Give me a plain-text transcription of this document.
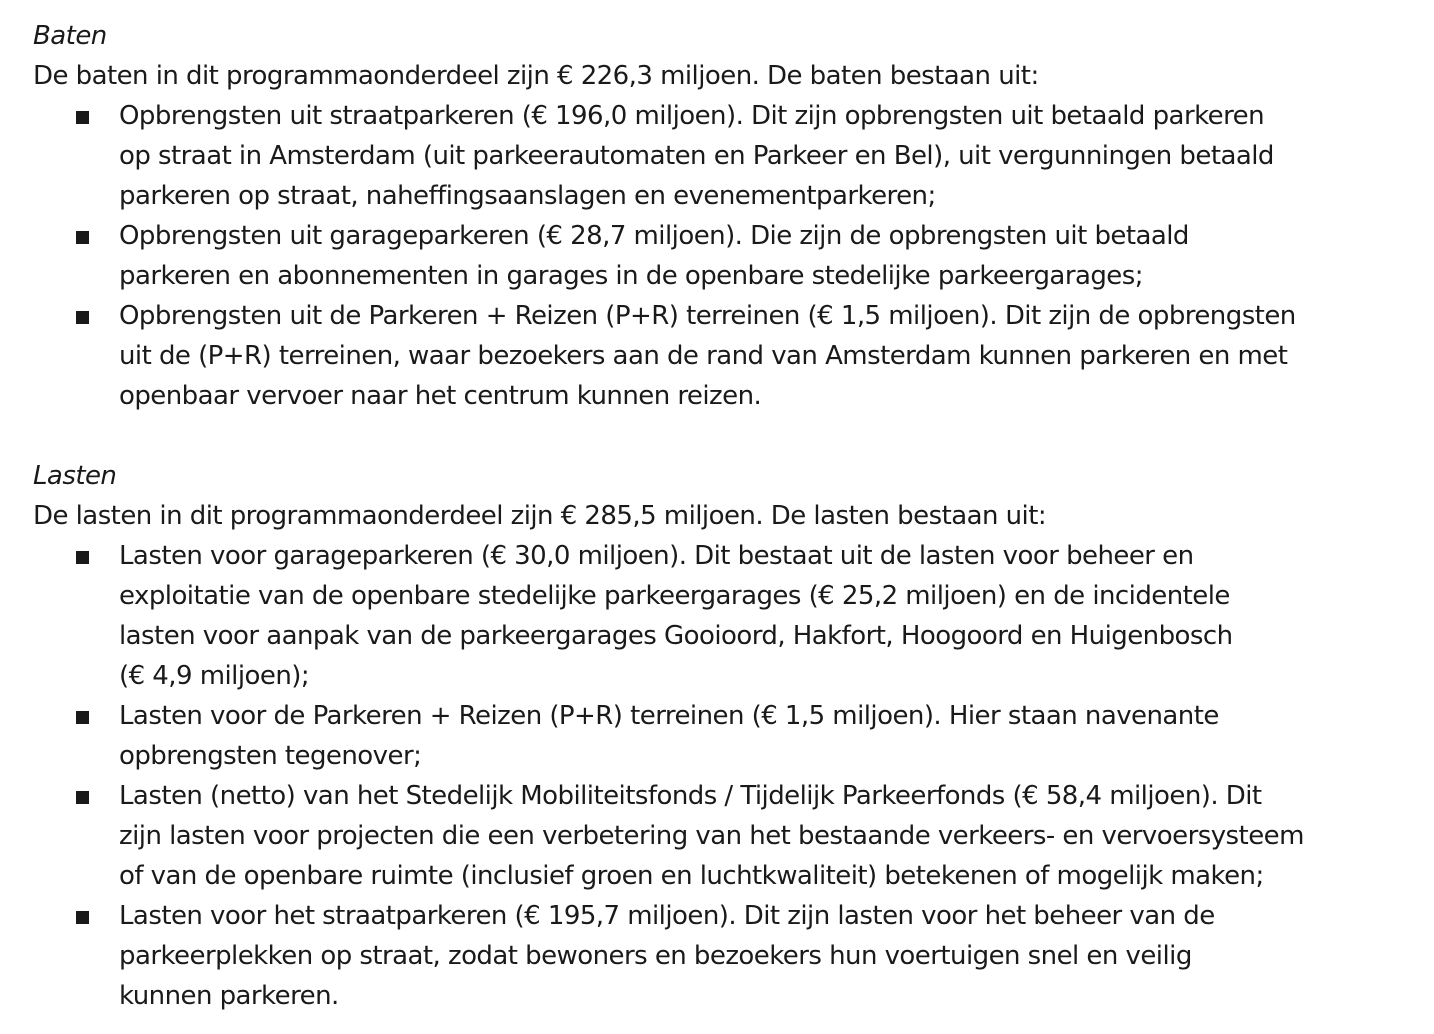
Baten

De baten in dit programmaonderdeel zijn € 226,3 miljoen. De baten bestaan uit:

Opbrengsten uit straatparkeren (€ 196,0 miljoen). Dit zijn opbrengsten uit betaald parkeren
op straat in Amsterdam (uit parkeerautomaten en Parkeer en Bel), uit vergunningen betaald
parkeren op straat, naheffingsaanslagen en evenementparkeren;
Opbrengsten uit garageparkeren (€ 28,7 miljoen). Die zijn de opbrengsten uit betaald
parkeren en abonnementen in garages in de openbare stedelijke parkeergarages;
Opbrengsten uit de Parkeren + Reizen (P+R) terreinen (€ 1,5 miljoen). Dit zijn de opbrengsten
uit de (P+R) terreinen, waar bezoekers aan de rand van Amsterdam kunnen parkeren en met
openbaar vervoer naar het centrum kunnen reizen.

Lasten

De lasten in dit programmaonderdeel zijn € 285,5 miljoen. De lasten bestaan uit:

Lasten voor garageparkeren (€ 30,0 miljoen). Dit bestaat uit de lasten voor beheer en
exploitatie van de openbare stedelijke parkeergarages (€ 25,2 miljoen) en de incidentele
lasten voor aanpak van de parkeergarages Gooioord, Hakfort, Hoogoord en Huigenbosch
(€ 4,9 miljoen);
Lasten voor de Parkeren + Reizen (P+R) terreinen (€ 1,5 miljoen). Hier staan navenante
opbrengsten tegenover;
Lasten (netto) van het Stedelijk Mobiliteitsfonds / Tijdelijk Parkeerfonds (€ 58,4 miljoen). Dit
zijn lasten voor projecten die een verbetering van het bestaande verkeers- en vervoersysteem
of van de openbare ruimte (inclusief groen en luchtkwaliteit) betekenen of mogelijk maken;
Lasten voor het straatparkeren (€ 195,7 miljoen). Dit zijn lasten voor het beheer van de
parkeerplekken op straat, zodat bewoners en bezoekers hun voertuigen snel en veilig
kunnen parkeren.
